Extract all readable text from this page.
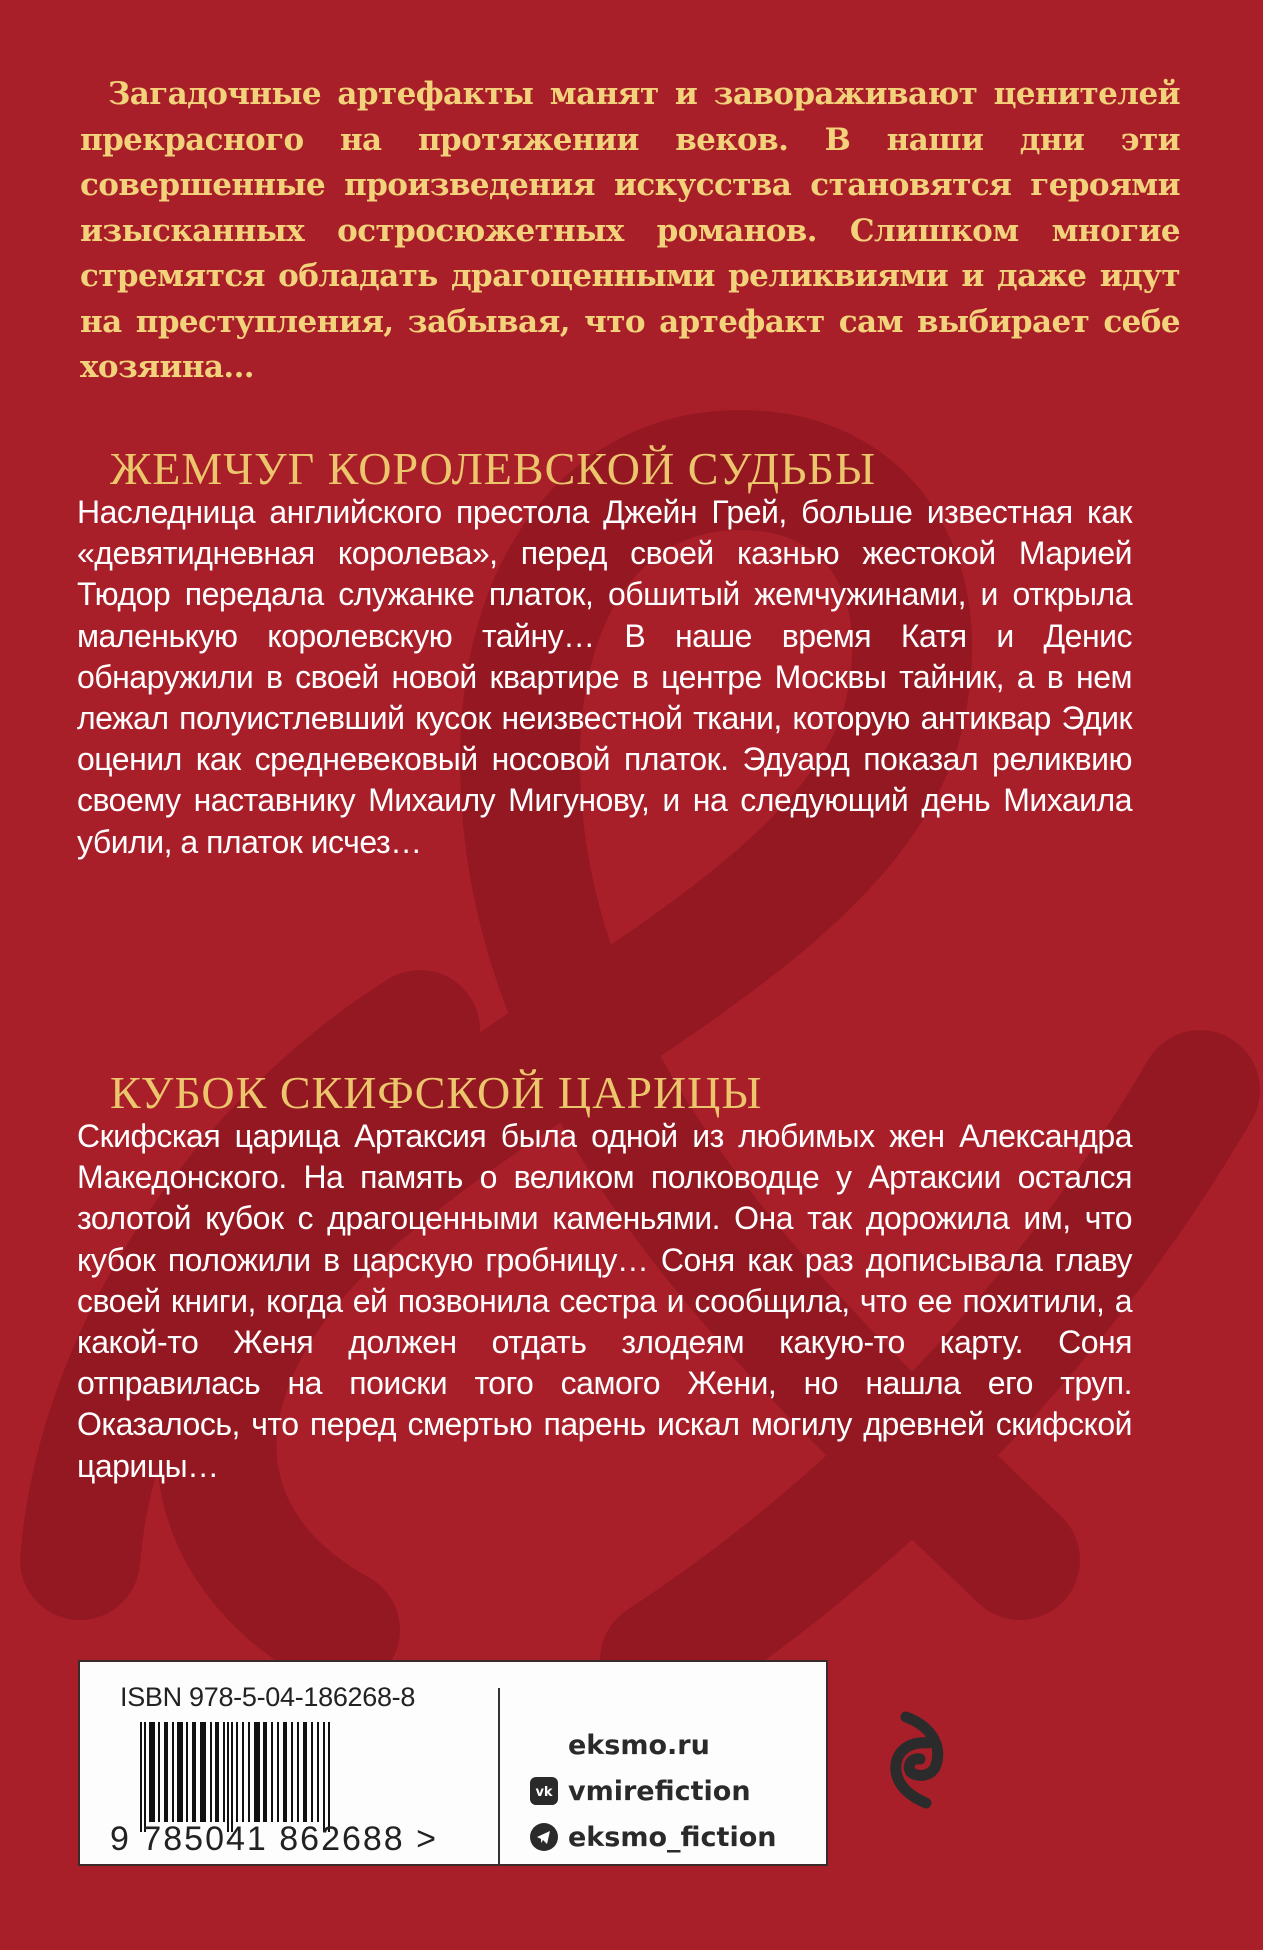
Загадочные артефакты манят и завораживают ценителей прекрасного на протяжении веков. В наши дни эти совершенные произведения искусства становятся героями изысканных остросюжетных романов. Слишком многие стремятся обладать драгоценными реликвиями и даже идут на преступления, забывая, что артефакт сам выбирает себе хозяина...
ЖЕМЧУГ КОРОЛЕВСКОЙ СУДЬБЫ
Наследница английского престола Джейн Грей, больше известная как «девятидневная королева», перед своей казнью жестокой Марией Тюдор передала служанке платок, обшитый жемчужинами, и открыла маленькую королевскую тайну… В наше время Катя и Денис обнаружили в своей новой квартире в центре Москвы тайник, а в нем лежал полуистлевший кусок неизвестной ткани, которую антиквар Эдик оценил как средневековый носовой платок. Эдуард показал реликвию своему наставнику Михаилу Мигунову, и на следующий день Михаила убили, а платок исчез…
КУБОК СКИФСКОЙ ЦАРИЦЫ
Скифская царица Артаксия была одной из любимых жен Александра Македонского. На память о великом полководце у Артаксии остался золотой кубок с драгоценными каменьями. Она так дорожила им, что кубок положили в царскую гробницу… Соня как раз дописывала главу своей книги, когда ей позвонила сестра и сообщила, что ее похитили, а какой-то Женя должен отдать злодеям какую-то карту. Соня отправилась на поиски того самого Жени, но нашла его труп. Оказалось, что перед смертью парень искал могилу древней скифской царицы…
ISBN 978-5-04-186268-8
9 785041 862688 >
eksmo.ru
vk vmirefiction
eksmo_fiction
